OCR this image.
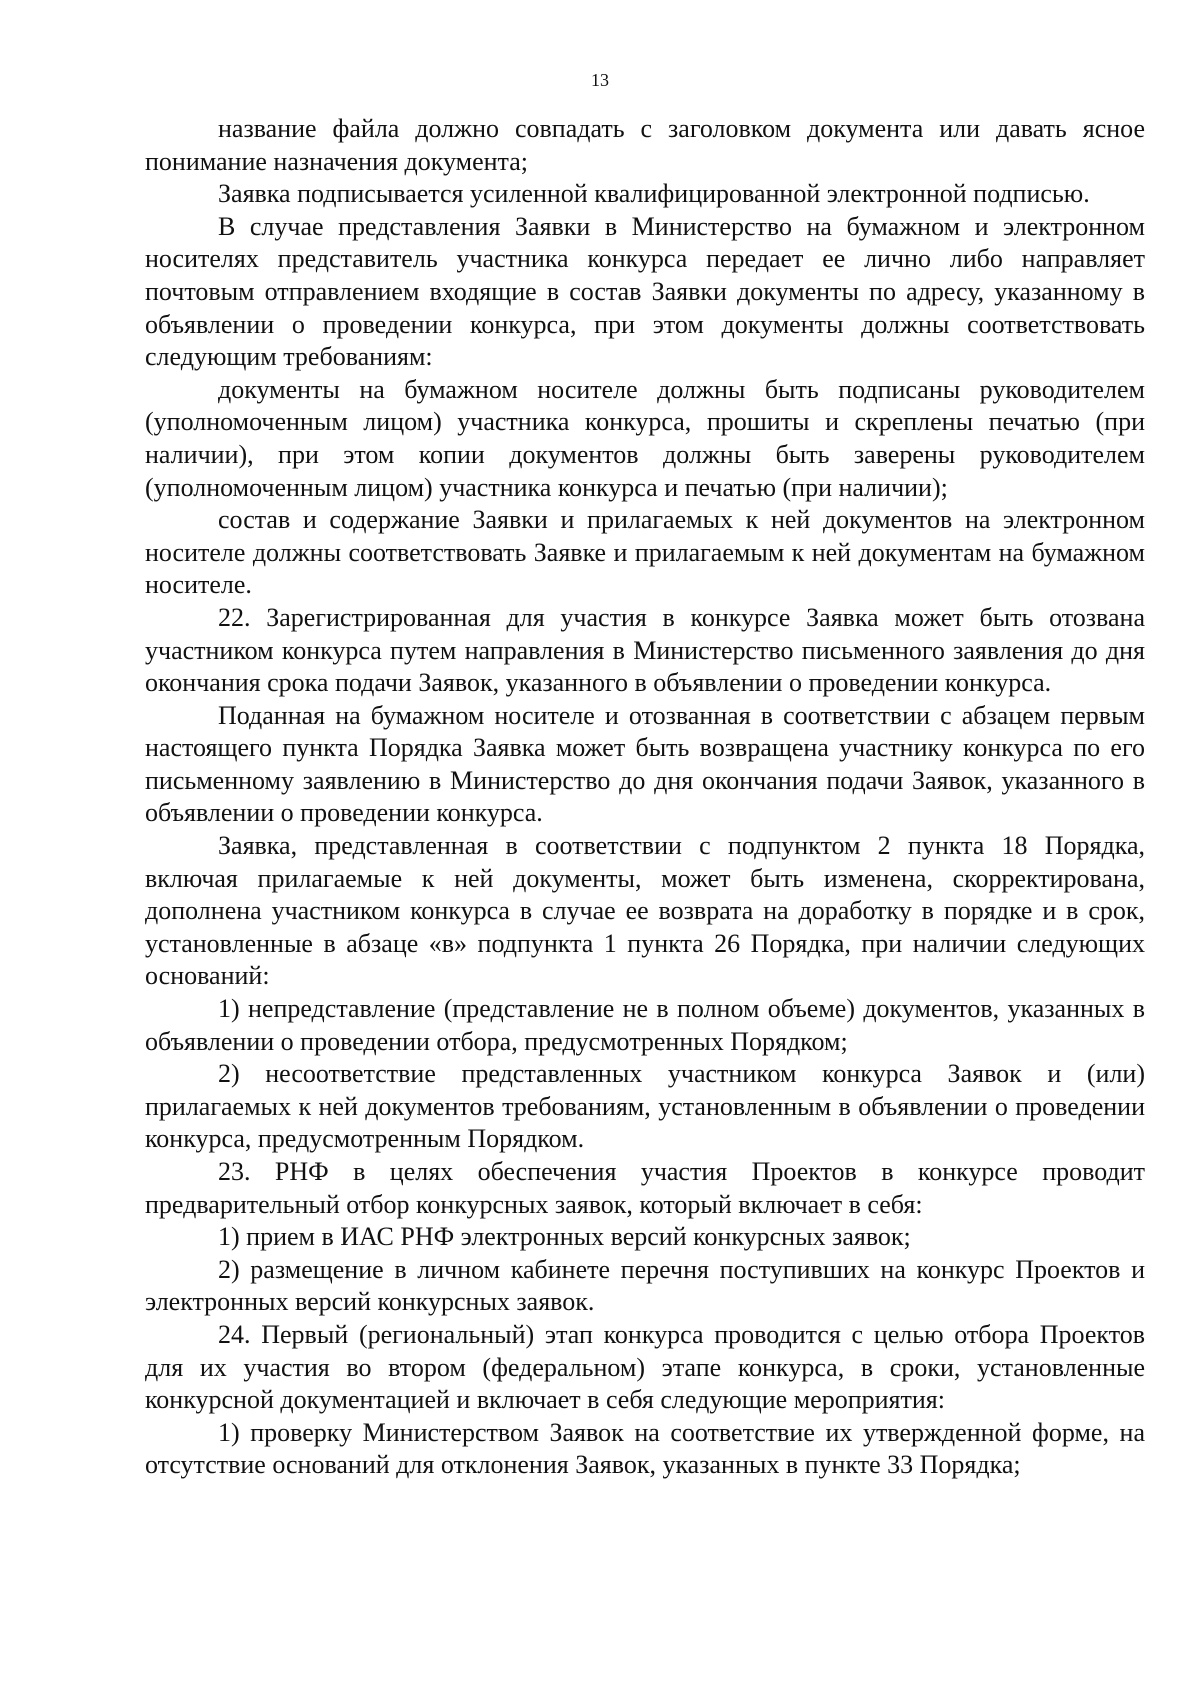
13

название файла должно совпадать с заголовком документа или давать ясное понимание назначения документа;

Заявка подписывается усиленной квалифицированной электронной подписью.

В случае представления Заявки в Министерство на бумажном и электронном носителях представитель участника конкурса передает ее лично либо направляет почтовым отправлением входящие в состав Заявки документы по адресу, указанному в объявлении о проведении конкурса, при этом документы должны соответствовать следующим требованиям:

документы на бумажном носителе должны быть подписаны руководителем (уполномоченным лицом) участника конкурса, прошиты и скреплены печатью (при наличии), при этом копии документов должны быть заверены руководителем (уполномоченным лицом) участника конкурса и печатью (при наличии);

состав и содержание Заявки и прилагаемых к ней документов на электронном носителе должны соответствовать Заявке и прилагаемым к ней документам на бумажном носителе.

22. Зарегистрированная для участия в конкурсе Заявка может быть отозвана участником конкурса путем направления в Министерство письменного заявления до дня окончания срока подачи Заявок, указанного в объявлении о проведении конкурса.

Поданная на бумажном носителе и отозванная в соответствии с абзацем первым настоящего пункта Порядка Заявка может быть возвращена участнику конкурса по его письменному заявлению в Министерство до дня окончания подачи Заявок, указанного в объявлении о проведении конкурса.

Заявка, представленная в соответствии с подпунктом 2 пункта 18 Порядка, включая прилагаемые к ней документы, может быть изменена, скорректирована, дополнена участником конкурса в случае ее возврата на доработку в порядке и в срок, установленные в абзаце «в» подпункта 1 пункта 26 Порядка, при наличии следующих оснований:

1) непредставление (представление не в полном объеме) документов, указанных в объявлении о проведении отбора, предусмотренных Порядком;

2) несоответствие представленных участником конкурса Заявок и (или) прилагаемых к ней документов требованиям, установленным в объявлении о проведении конкурса, предусмотренным Порядком.

23. РНФ в целях обеспечения участия Проектов в конкурсе проводит предварительный отбор конкурсных заявок, который включает в себя:

1) прием в ИАС РНФ электронных версий конкурсных заявок;

2) размещение в личном кабинете перечня поступивших на конкурс Проектов и электронных версий конкурсных заявок.

24. Первый (региональный) этап конкурса проводится с целью отбора Проектов для их участия во втором (федеральном) этапе конкурса, в сроки, установленные конкурсной документацией и включает в себя следующие мероприятия:

1) проверку Министерством Заявок на соответствие их утвержденной форме, на отсутствие оснований для отклонения Заявок, указанных в пункте 33 Порядка;
